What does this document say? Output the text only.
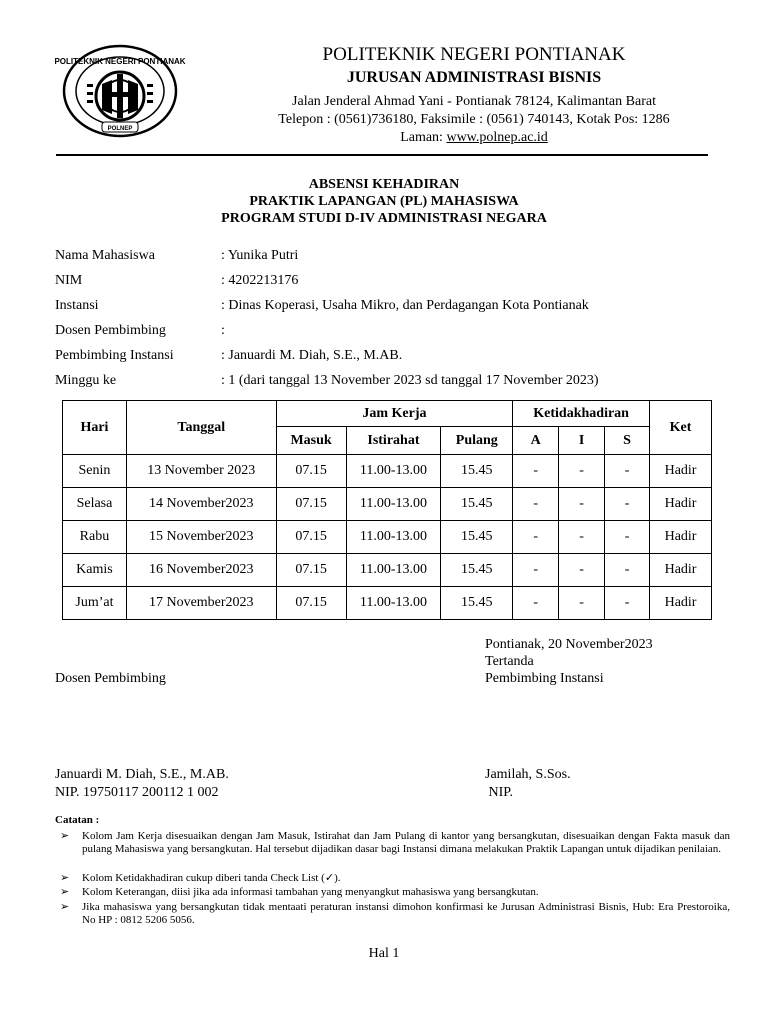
POLITEKNIK NEGERI PONTIANAK
POLNEP
POLITEKNIK NEGERI PONTIANAK
JURUSAN ADMINISTRASI BISNIS
Jalan Jenderal Ahmad Yani - Pontianak 78124, Kalimantan Barat
Telepon : (0561)736180, Faksimile : (0561) 740143, Kotak Pos: 1286
Laman: www.polnep.ac.id
ABSENSI KEHADIRAN
PRAKTIK LAPANGAN (PL) MAHASISWA
PROGRAM STUDI D-IV ADMINISTRASI NEGARA
Nama Mahasiswa	: Yunika Putri
NIM	: 4202213176
Instansi	: Dinas Koperasi, Usaha Mikro, dan Perdagangan Kota Pontianak
Dosen Pembimbing	:
Pembimbing Instansi	: Januardi M. Diah, S.E., M.AB.
Minggu ke	: 1 (dari tanggal 13 November 2023 sd tanggal 17 November 2023)
Hari	Tanggal	Jam Kerja			Ketidakhadiran			Ket
		Masuk	Istirahat	Pulang	A	I	S	
Senin	13 November 2023	07.15	11.00-13.00	15.45	-	-	-	Hadir
Selasa	14 November2023	07.15	11.00-13.00	15.45	-	-	-	Hadir
Rabu	15 November2023	07.15	11.00-13.00	15.45	-	-	-	Hadir
Kamis	16 November2023	07.15	11.00-13.00	15.45	-	-	-	Hadir
Jum’at	17 November2023	07.15	11.00-13.00	15.45	-	-	-	Hadir
Pontianak, 20 November2023
Tertanda
Dosen Pembimbing	Pembimbing Instansi
Januardi M. Diah, S.E., M.AB.
NIP. 19750117 200112 1 002
Jamilah, S.Sos.
NIP.
Catatan :
➢	Kolom Jam Kerja disesuaikan dengan Jam Masuk, Istirahat dan Jam Pulang di kantor yang bersangkutan, disesuaikan dengan Fakta masuk dan pulang Mahasiswa yang bersangkutan. Hal tersebut dijadikan dasar bagi Instansi dimana melakukan Praktik Lapangan untuk dijadikan penilaian.
➢	Kolom Ketidakhadiran cukup diberi tanda Check List (✓).
➢	Kolom Keterangan, diisi jika ada informasi tambahan yang menyangkut mahasiswa yang bersangkutan.
➢	Jika mahasiswa yang bersangkutan tidak mentaati peraturan instansi dimohon konfirmasi ke Jurusan Administrasi Bisnis, Hub: Era Prestoroika, No HP : 0812 5206 5056.
Hal 1
